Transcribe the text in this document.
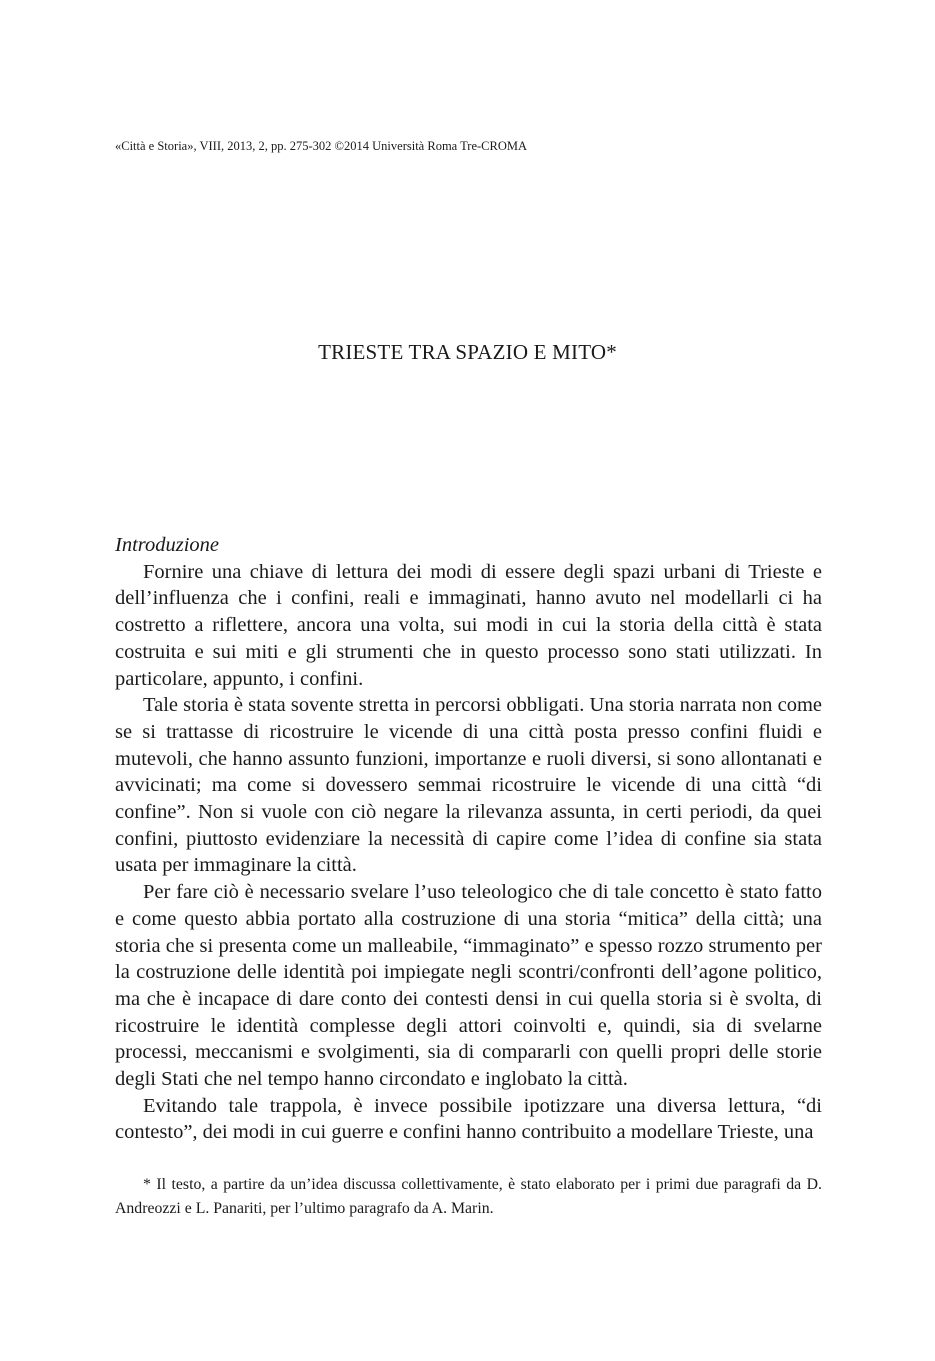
«Città e Storia», VIII, 2013, 2, pp. 275-302 ©2014 Università Roma Tre-CROMA
TRIESTE TRA SPAZIO E MITO*

Introduzione

Fornire una chiave di lettura dei modi di essere degli spazi urbani di Trieste e dell’influenza che i confini, reali e immaginati, hanno avuto nel modellarli ci ha costretto a riflettere, ancora una volta, sui modi in cui la storia della città è stata costruita e sui miti e gli strumenti che in questo processo sono stati utilizzati. In particolare, appunto, i confini.

Tale storia è stata sovente stretta in percorsi obbligati. Una storia narrata non come se si trattasse di ricostruire le vicende di una città posta presso confini fluidi e mutevoli, che hanno assunto funzioni, importanze e ruoli diversi, si sono allontanati e avvicinati; ma come si dovessero semmai ricostruire le vicende di una città “di confine”. Non si vuole con ciò negare la rilevanza assunta, in certi periodi, da quei confini, piuttosto evidenziare la necessità di capire come l’idea di confine sia stata usata per immaginare la città.

Per fare ciò è necessario svelare l’uso teleologico che di tale concetto è stato fatto e come questo abbia portato alla costruzione di una storia “mitica” della città; una storia che si presenta come un malleabile, “immaginato” e spesso rozzo strumento per la costruzione delle identità poi impiegate negli scontri/confronti dell’agone politico, ma che è incapace di dare conto dei contesti densi in cui quella storia si è svolta, di ricostruire le identità complesse degli attori coinvolti e, quindi, sia di svelarne processi, meccanismi e svolgimenti, sia di compararli con quelli propri delle storie degli Stati che nel tempo hanno circondato e inglobato la città.

Evitando tale trappola, è invece possibile ipotizzare una diversa lettura, “di contesto”, dei modi in cui guerre e confini hanno contribuito a modellare Trieste, una

* Il testo, a partire da un’idea discussa collettivamente, è stato elaborato per i primi due paragrafi da D. Andreozzi e L. Panariti, per l’ultimo paragrafo da A. Marin.
